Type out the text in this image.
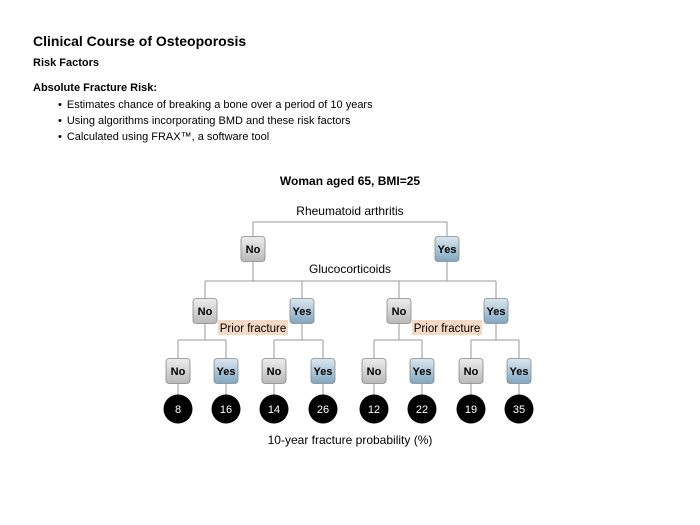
Clinical Course of Osteoporosis
Risk Factors
Absolute Fracture Risk:
• Estimates chance of breaking a bone over a period of 10 years
• Using algorithms incorporating BMD and these risk factors
• Calculated using FRAX™, a software tool
No	Yes
No	Yes	No	Yes
No	Yes	No	Yes	No	Yes	No	Yes
Woman aged 65, BMI=25
Rheumatoid arthritis
Glucocorticoids
Prior fracture	Prior fracture
10-year fracture probability (%)
8	16	14	26	12	22	19	35
